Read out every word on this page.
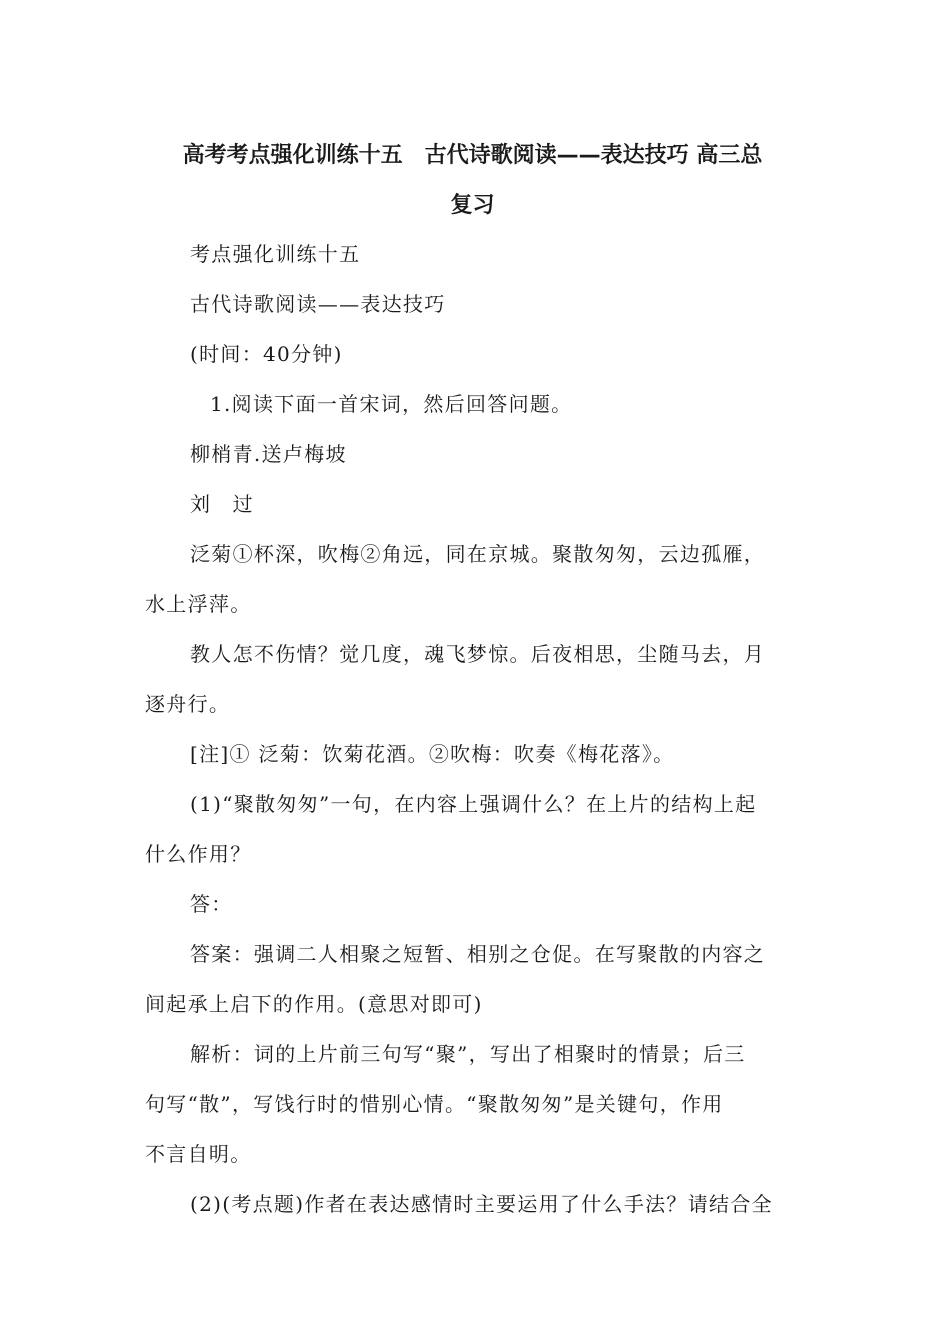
高考考点强化训练十五　古代诗歌阅读——表达技巧 高三总
复习
考点强化训练十五
古代诗歌阅读——表达技巧
(时间：40分钟)
1.阅读下面一首宋词，然后回答问题。
柳梢青.送卢梅坡
刘　过
泛菊①杯深，吹梅②角远，同在京城。聚散匆匆，云边孤雁，
水上浮萍。
教人怎不伤情？觉几度，魂飞梦惊。后夜相思，尘随马去，月
逐舟行。
[注]① 泛菊：饮菊花酒。②吹梅：吹奏《梅花落》。
(1)“聚散匆匆”一句，在内容上强调什么？在上片的结构上起
什么作用？
答：
答案：强调二人相聚之短暂、相别之仓促。在写聚散的内容之
间起承上启下的作用。(意思对即可)
解析：词的上片前三句写“聚”，写出了相聚时的情景；后三
句写“散”，写饯行时的惜别心情。“聚散匆匆”是关键句，作用
不言自明。
(2)(考点题)作者在表达感情时主要运用了什么手法？请结合全
